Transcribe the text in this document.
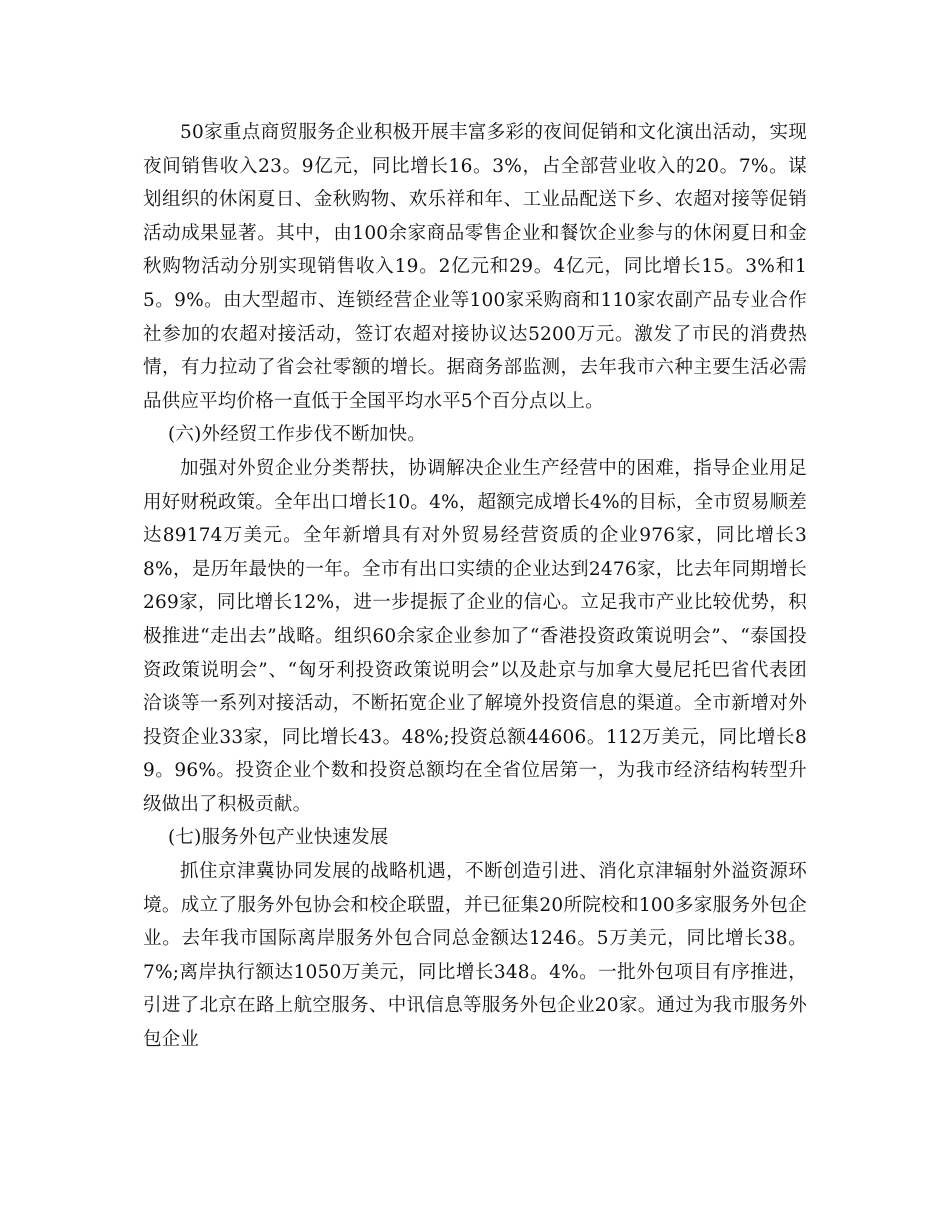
50家重点商贸服务企业积极开展丰富多彩的夜间促销和文化演出活动，实现夜间销售收入23。9亿元，同比增长16。3%，占全部营业收入的20。7%。谋划组织的休闲夏日、金秋购物、欢乐祥和年、工业品配送下乡、农超对接等促销活动成果显著。其中，由100余家商品零售企业和餐饮企业参与的休闲夏日和金秋购物活动分别实现销售收入19。2亿元和29。4亿元，同比增长15。3%和15。9%。由大型超市、连锁经营企业等100家采购商和110家农副产品专业合作社参加的农超对接活动，签订农超对接协议达5200万元。激发了市民的消费热情，有力拉动了省会社零额的增长。据商务部监测，去年我市六种主要生活必需品供应平均价格一直低于全国平均水平5个百分点以上。

(六)外经贸工作步伐不断加快。

加强对外贸企业分类帮扶，协调解决企业生产经营中的困难，指导企业用足用好财税政策。全年出口增长10。4%，超额完成增长4%的目标，全市贸易顺差达89174万美元。全年新增具有对外贸易经营资质的企业976家，同比增长38%，是历年最快的一年。全市有出口实绩的企业达到2476家，比去年同期增长269家，同比增长12%，进一步提振了企业的信心。立足我市产业比较优势，积极推进“走出去”战略。组织60余家企业参加了“香港投资政策说明会”、“泰国投资政策说明会”、“匈牙利投资政策说明会”以及赴京与加拿大曼尼托巴省代表团洽谈等一系列对接活动，不断拓宽企业了解境外投资信息的渠道。全市新增对外投资企业33家，同比增长43。48%;投资总额44606。112万美元，同比增长89。96%。投资企业个数和投资总额均在全省位居第一，为我市经济结构转型升级做出了积极贡献。

(七)服务外包产业快速发展

抓住京津冀协同发展的战略机遇，不断创造引进、消化京津辐射外溢资源环境。成立了服务外包协会和校企联盟，并已征集20所院校和100多家服务外包企业。去年我市国际离岸服务外包合同总金额达1246。5万美元，同比增长38。7%;离岸执行额达1050万美元，同比增长348。4%。一批外包项目有序推进，引进了北京在路上航空服务、中讯信息等服务外包企业20家。通过为我市服务外包企业
